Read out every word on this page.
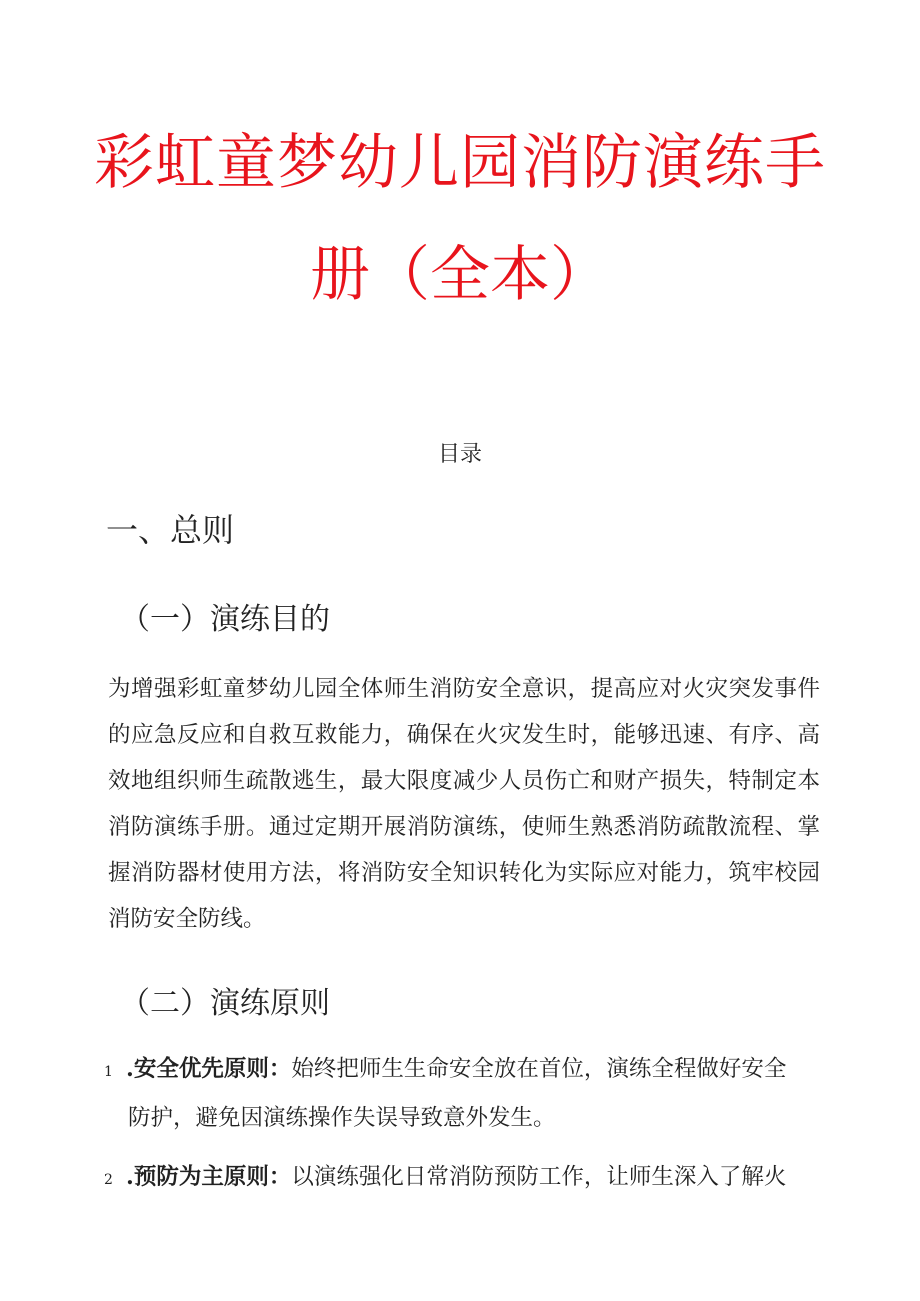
彩虹童梦幼儿园消防演练手
册（全本）
目录
一、总则
（一）演练目的
为增强彩虹童梦幼儿园全体师生消防安全意识，提高应对火灾突发事件的应急反应和自救互救能力，确保在火灾发生时，能够迅速、有序、高效地组织师生疏散逃生，最大限度减少人员伤亡和财产损失，特制定本消防演练手册。通过定期开展消防演练，使师生熟悉消防疏散流程、掌握消防器材使用方法，将消防安全知识转化为实际应对能力，筑牢校园消防安全防线。
（二）演练原则
1 .安全优先原则：始终把师生生命安全放在首位，演练全程做好安全
防护，避免因演练操作失误导致意外发生。
2 .预防为主原则：以演练强化日常消防预防工作，让师生深入了解火
